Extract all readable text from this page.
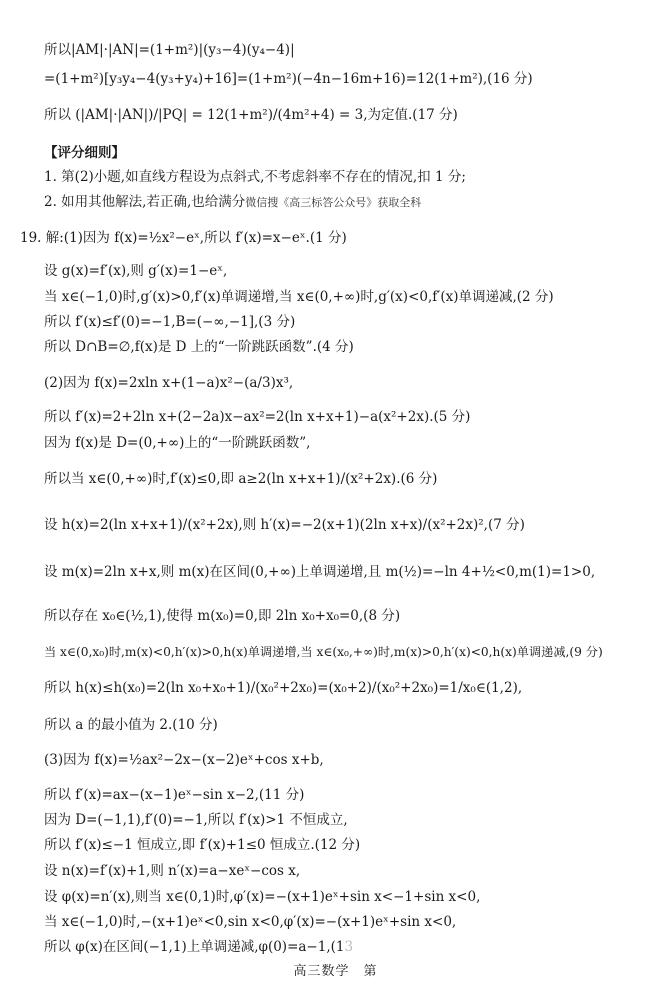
所以|AM|·|AN|=(1+m²)|(y₃−4)(y₄−4)|
=(1+m²)[y₃y₄−4(y₃+y₄)+16]=(1+m²)(−4n−16m+16)=12(1+m²),(16 分)
所以 (|AM|·|AN|)/|PQ| = 12(1+m²)/(4m²+4) = 3,为定值.(17 分)
【评分细则】
1. 第(2)小题,如直线方程设为点斜式,不考虑斜率不存在的情况,扣 1 分;
2. 如用其他解法,若正确,也给满分微信搜《高三标答公众号》获取全科
19. 解:(1)因为 f(x)=½x²−eˣ,所以 f′(x)=x−eˣ.(1 分)
设 g(x)=f′(x),则 g′(x)=1−eˣ,
当 x∈(−1,0)时,g′(x)>0,f′(x)单调递增,当 x∈(0,+∞)时,g′(x)<0,f′(x)单调递减,(2 分)
所以 f′(x)≤f′(0)=−1,B=(−∞,−1],(3 分)
所以 D∩B=∅,f(x)是 D 上的“一阶跳跃函数”.(4 分)
(2)因为 f(x)=2xln x+(1−a)x²−(a/3)x³,
所以 f′(x)=2+2ln x+(2−2a)x−ax²=2(ln x+x+1)−a(x²+2x).(5 分)
因为 f(x)是 D=(0,+∞)上的“一阶跳跃函数”,
所以当 x∈(0,+∞)时,f′(x)≤0,即 a≥2(ln x+x+1)/(x²+2x).(6 分)
设 h(x)=2(ln x+x+1)/(x²+2x),则 h′(x)=−2(x+1)(2ln x+x)/(x²+2x)²,(7 分)
设 m(x)=2ln x+x,则 m(x)在区间(0,+∞)上单调递增,且 m(½)=−ln 4+½<0,m(1)=1>0,
所以存在 x₀∈(½,1),使得 m(x₀)=0,即 2ln x₀+x₀=0,(8 分)
当 x∈(0,x₀)时,m(x)<0,h′(x)>0,h(x)单调递增,当 x∈(x₀,+∞)时,m(x)>0,h′(x)<0,h(x)单调递减,(9 分)
所以 h(x)≤h(x₀)=2(ln x₀+x₀+1)/(x₀²+2x₀)=(x₀+2)/(x₀²+2x₀)=1/x₀∈(1,2),
所以 a 的最小值为 2.(10 分)
(3)因为 f(x)=½ax²−2x−(x−2)eˣ+cos x+b,
所以 f′(x)=ax−(x−1)eˣ−sin x−2,(11 分)
因为 D=(−1,1),f′(0)=−1,所以 f′(x)>1 不恒成立,
所以 f′(x)≤−1 恒成立,即 f′(x)+1≤0 恒成立.(12 分)
设 n(x)=f′(x)+1,则 n′(x)=a−xeˣ−cos x,
设 φ(x)=n′(x),则当 x∈(0,1)时,φ′(x)=−(x+1)eˣ+sin x<−1+sin x<0,
当 x∈(−1,0)时,−(x+1)eˣ<0,sin x<0,φ′(x)=−(x+1)eˣ+sin x<0,
所以 φ(x)在区间(−1,1)上单调递减,φ(0)=a−1,(13
高三数学　第
